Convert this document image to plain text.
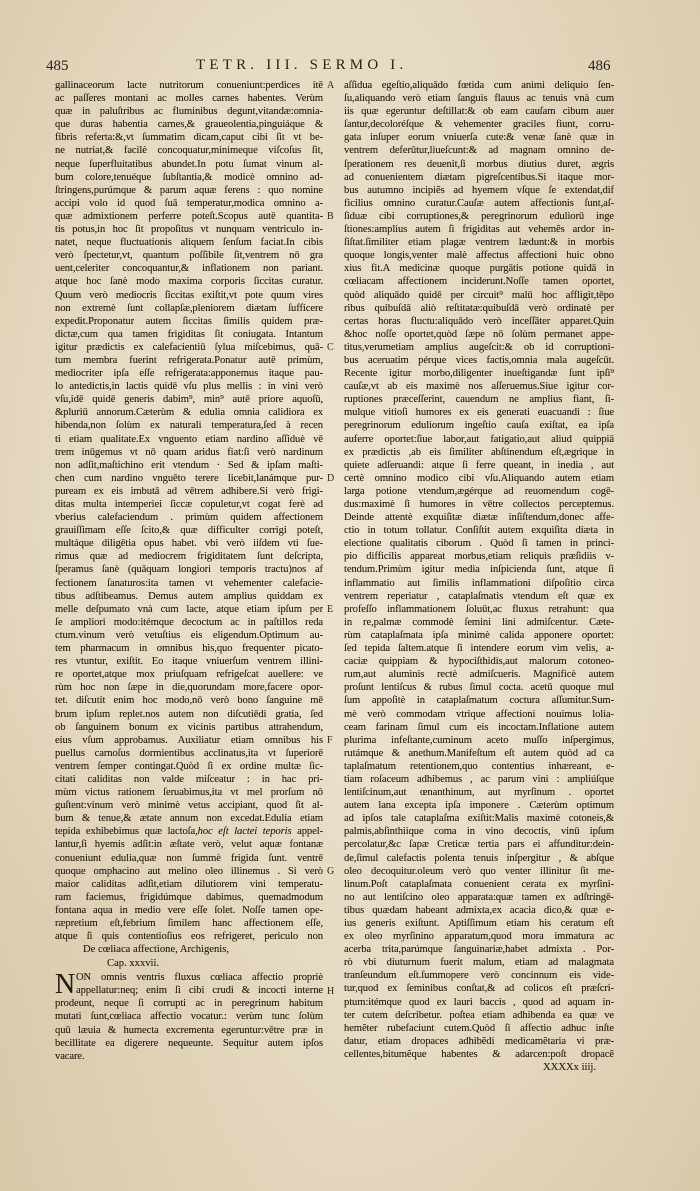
485	TETR. III. SERMO I.	486
gallinaceorum lacte nutritorum conueniunt:perdices itē
ac paſſeres montani ac molles carnes habentes. Verùm
quæ in paluſtribus ac fluminibus degunt,vitandæ:omnia-
que duras habentia carnes,& graueolentia,pinguiáque &
fibris referta:&,vt ſummatim dicam,caput cibi ſit vt be-
ne nutriat,& facilè concoquatur,minimeque viſcoſus ſit,
neque ſuperfluitatibus abundet.In potu ſumat vinum al-
bum colore,tenuéque ſubſtantia,& modicè omnino ad-
ſtringens,purúmque & parum aquæ ferens : quo nomine
accipi volo id quod ſuā temperatur,modica omnino a-
quæ admixtionem perferre poteſt.Scopus autē quantita-
tis potus,in hoc ſit propoſitus vt nunquam ventriculo in-
natet, neque fluctuationis aliquem ſenſum faciat.In cibis
verò ſpectetur,vt, quantum poſſibile ſit,ventrem nō gra
uent,celeriter concoquantur,& inflationem non pariant.
atque hoc ſanè modo maxima corporis ſiccitas curatur.
Quum verò mediocris ſiccitas exiſtit,vt pote quum vires
non extremè ſunt collapſæ,pleniorem diætam ſufficere
expedit.Proponatur autem ſiccitas ſimilis quidem præ-
dictæ,cum qua tamen frigiditas ſit coniugata. Intantum
igitur prædictis ex calefacientiū ſylua miſcebimus, quā-
tum membra fuerint refrigerata.Ponatur autē primùm,
mediocriter ipſa eſſe refrigerata:apponemus itaque pau-
lo antedictis,in lactis quidē vſu plus mellis : in vini verò
vſu,idē quidē generis dabim⁹, min⁹ autē priore aquoſū,
&pluriū annorum.Cæterùm & edulia omnia calidiora ex
hibenda,non ſolùm ex naturali temperatura,ſed à recen
ti etiam qualitate.Ex vnguento etiam nardino aſſiduè vē
trem inūgemus vt nō quam aridus fiat:ſi verò nardinum
non adſit,maſtichino erit vtendum · Sed & ipſam maſti-
chen cum nardino vnguēto terere licebit,lanámque pur-
puream ex eis imbutā ad vētrem adhibere.Si verò frigi-
ditas multa intemperiei ſiccæ copuletur,vt cogat ferè ad
vberius calefaciendum . primùm quidem affectionem
grauiſſimam eſſe ſcito,& quæ difficulter corrigi poteſt,
multáque diligētia opus habet. vbi verò iiſdem vti ſue-
rimus quæ ad mediocrem frigiditatem ſunt deſcripta,
ſperamus ſanè (quāquam longiori temporis tractu)nos af
fectionem ſanaturos:ita tamen vt vehementer calefacie-
tibus adſtibeamus. Demus autem amplius quiddam ex
melle deſpumato vnà cum lacte, atque etiam ipſum per
ſe ampliori modo:itémque decoctum ac in paſtillos reda
ctum.vinum verò vetuſtius eis eligendum.Optimum au-
tem pharmacum in omnibus his,quo frequenter picato-
res vtuntur, exiſtit. Eo itaque vniuerſum ventrem illini-
re oportet,atque mox priuſquam refrigeſcat auellere: ve
rùm hoc non ſæpe in die,quorundam more,facere opor-
tet. diſcutit enim hoc modo,nō verò bono ſanguine mē
brum ipſum replet.nos autem non diſcutiēdi gratia, ſed
ob ſanguinem bonum ex vicinis partibus attrahendum,
eius vſum approbamus. Auxiliatur etiam omnibus his
puellus carnoſus dormientibus acclinatus,ita vt ſuperiorē
ventrem ſemper contingat.Quòd ſi ex ordine multæ ſic-
citati caliditas non valde miſceatur : in hac pri-
mùm victus rationem ſeruabimus,ita vt mel prorſum nō
guſtent:vinum verò minimè vetus accipiant, quod ſit al-
bum & tenue,& ætate annum non excedat.Edulia etiam
tepida exhibebimus quæ lactoſa,hoc eſt lactei teporis appel-
lantur,ſi hyemis adſit:in æſtate verò, velut aquæ fontanæ
conueniunt edulia,quæ non ſummè frigida ſunt. ventrē
quoque omphacino aut melino oleo illinemus . Si verò
maior caliditas adſit,etiam dilutiorem vini temperatu-
ram faciemus, frigidúmque dabimus, quemadmodum
fontana aqua in medio vere eſſe ſolet. Noſſe tamen ope-
ræpretium eſt,febrium ſimilem hanc affectionem eſſe,
atque ſi quis contentioſius eos refrigeret, periculo non
De cœliaca affectione, Archigenis,
Cap. xxxvii.
N ON omnis ventris fluxus cœliaca affectio propriè
appellatur:neq; enim ſi cibi crudi & incocti interne
prodeunt, neque ſi corrupti ac in peregrinum habitum
mutati ſunt,cœliaca affectio vocatur.: verùm tunc ſolùm
quū læuia & humecta excrementa egeruntur:vētre præ in
becillitate ea digerere nequeunte. Sequitur autem ipſos
vacare.
aſſidua egeſtio,aliquādo fœtida cum animi deliquio ſen-
ſu,aliquando verò etiam ſanguis flauus ac tenuis vnà cum
iis quæ egeruntur deſtillat:& ob eam cauſam cibum auer
ſantur,decoloréſque & vehementer graciles fiunt, corru-
gata inſuper eorum vniuerſa cute:& venæ ſanè quæ in
ventrem deferūtur,liueſcunt:& ad magnam omnino de-
ſperationem res deuenit,ſi morbus diutius duret, ægris
ad conuenientem diætam pigreſcentibus.Si itaque mor-
bus autumno incipiẽs ad hyemem vſque ſe extendat,dif
ficilius omnino curatur.Cauſæ autem affectionis ſunt,aſ-
ſiduæ cibi corruptiones,& peregrinorum eduliorū inge
ſtiones:amplius autem ſi frigiditas aut vehemẽs ardor in-
ſiſtat.ſimiliter etiam plagæ ventrem lædunt:& in morbis
quoque longis,venter malè affectus affectioni huic obno
xius fit.A medicinæ quoque purgātis potione quidā in
cœliacam affectionem inciderunt.Noſſe tamen oportet,
quòd aliquādo quidē per circuit⁹ malū hoc affligit,tēpo
ribus quibuſdā aliò reſtitatæ:quibuſdā verò ordinatè per
certas horas fluctu:aliquādo verò inceſſāter apparet.Quin
&hoc noſſe oportet,quòd ſæpe nō ſolùm permanet appe-
titus,verumetiam amplius augeſcit:& ob id corruptioni-
bus aceruatim pérque vices factis,omnia mala augeſcūt.
Recente igitur morbo,diligenter inueſtigandæ ſunt ipſi⁹
cauſæ,vt ab eis maximè nos aſſeruemus.Siue igitur cor-
ruptiones præceſſerint, cauendum ne amplius fiant, ſi-
mulque vitioſi humores ex eis generati euacuandi : ſiue
peregrinorum eduliorum ingeſtio cauſa exiſtat, ea ipſa
auferre oportet:ſiue labor,aut fatigatio,aut aliud quippiā
ex prædictis ,ab eis ſimiliter abſtinendum eſt,ægrique in
quiete adſeruandi: atque ſi ferre queant, in inedia , aut
certè omnino modico cibi vſu.Aliquando autem etiam
larga potione vtendum,ægérque ad reuomendum cogē-
dus:maximè ſi humores in vētre collectos perceptemus.
Deinde attentè exquiſitæ diætæ inſiſtendum,donec affe-
ctio in totum tollatur. Conſiſtit autem exquiſita diæta in
electione qualitatis ciborum . Quòd ſi tamen in princi-
pio difficilis appareat morbus,etiam reliquis præſidiis v-
tendum.Primùm igitur media inſpicienda ſunt, atque ſi
inflammatio aut ſimilis inflammationi diſpoſitio circa
ventrem reperiatur , cataplaſmatis vtendum eſt quæ ex
profeſſo inflammationem ſoluūt,ac fluxus retrahunt: qua
in re,palmæ commodè ſemini lini admiſcentur. Cæte-
rùm cataplaſmata ipſa minimè calida apponere oportet:
ſed tepida ſaltem.atque ſi intendere eorum vim velis, a-
caciæ quippiam & hypociſthidis,aut malorum cotoneo-
rum,aut aluminis rectè admiſcueris. Magnificè autem
proſunt lentiſcus & rubus ſimul cocta. acetū quoque mul
ſum appoſitè in cataplaſmatum coctura aſſumitur.Sum-
mè verò commodam vtrique affectioni nouimus lolia-
ceam farinam ſimul cum eis incoctam.Inflatione autem
plurima infeſtante,cuminum aceto muſſo inſpergimus,
rutámque & anethum.Manifeſtum eſt autem quòd ad ca
taplaſmatum retentionem,quo contentius inhæreant, e-
tiam roſaceum adhibemus , ac parum vini : ampliúſque
lentiſcinum,aut œnanthinum, aut myrſinum . oportet
autem lana excepta ipſa imponere . Cæterùm optimum
ad ipſos tale cataplaſma exiſtit:Malis maximè cotoneis,&
palmis,abſinthiique coma in vino decoctis, vinū ipſum
percolatur,&c ſapæ Creticæ tertia pars ei affunditur:dein-
de,ſimul calefactis polenta tenuis inſpergitur , & abſque
oleo decoquitur.oleum verò quo venter illinitur ſit me-
linum.Poſt cataplaſmata conuenient cerata ex myrſini-
no aut lentiſcino oleo apparata:quæ tamen ex adſtringē-
tibus quædam habeant admixta,ex acacia dico,& quæ e-
ius generis exiſtunt. Aptiſſimum etiam his ceratum eſt
ex oleo myrſinino apparatum,quod mora immatura ac
acerba trita,parúmque ſanguinariæ,habet admixta . Por-
rò vbi diuturnum fuerit malum, etiam ad malagmata
tranſeundum eſt.ſummopere verò concinnum eis vide-
tur,quod ex ſeminibus conſtat,& ad colicos eſt præſcri-
ptum:itémque quod ex lauri baccis , quod ad aquam in-
ter cutem deſcribetur. poſtea etiam adhibenda ea quæ ve
hemẽter rubefaciunt cutem.Quòd ſi affectio adhuc inſte
datur, etiam dropaces adhibẽdi medicamẽtaria vi præ-
cellentes,bitumẽque habentes & adarcen:poſt dropacẽ
XXXXx iiij.
A
B
C
D
E
F
G
H
